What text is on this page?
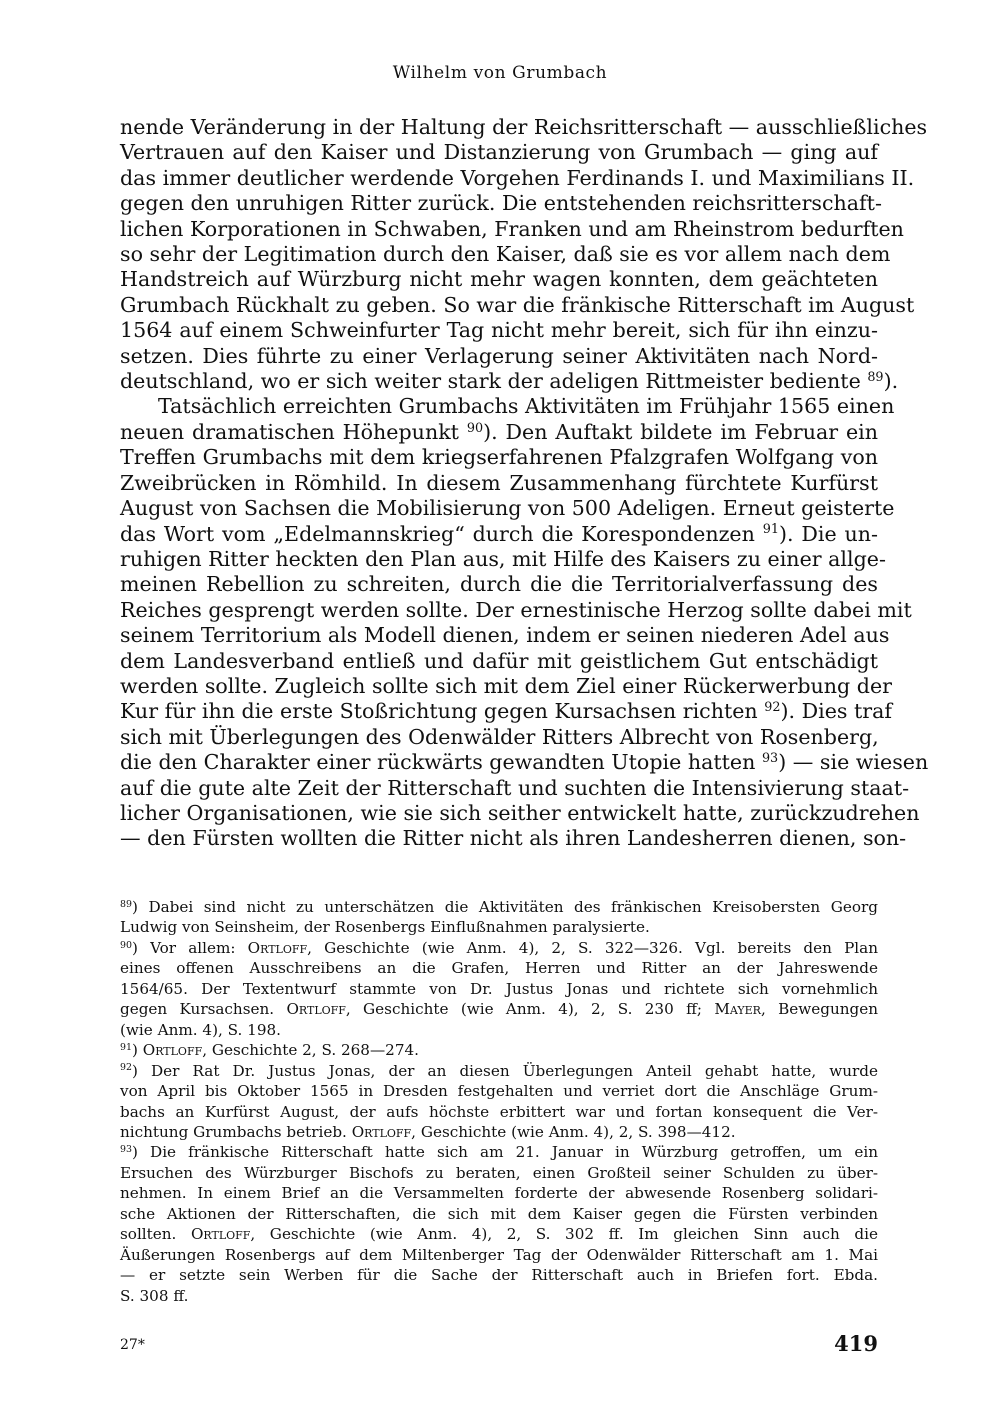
Wilhelm von Grumbach
nende Veränderung in der Haltung der Reichsritterschaft — ausschließliches
Vertrauen auf den Kaiser und Distanzierung von Grumbach — ging auf
das immer deutlicher werdende Vorgehen Ferdinands I. und Maximilians II.
gegen den unruhigen Ritter zurück. Die entstehenden reichsritterschaft-
lichen Korporationen in Schwaben, Franken und am Rheinstrom bedurften
so sehr der Legitimation durch den Kaiser, daß sie es vor allem nach dem
Handstreich auf Würzburg nicht mehr wagen konnten, dem geächteten
Grumbach Rückhalt zu geben. So war die fränkische Ritterschaft im August
1564 auf einem Schweinfurter Tag nicht mehr bereit, sich für ihn einzu-
setzen. Dies führte zu einer Verlagerung seiner Aktivitäten nach Nord-
deutschland, wo er sich weiter stark der adeligen Rittmeister bediente $^{89}$).
Tatsächlich erreichten Grumbachs Aktivitäten im Frühjahr 1565 einen
neuen dramatischen Höhepunkt $^{90}$). Den Auftakt bildete im Februar ein
Treffen Grumbachs mit dem kriegserfahrenen Pfalzgrafen Wolfgang von
Zweibrücken in Römhild. In diesem Zusammenhang fürchtete Kurfürst
August von Sachsen die Mobilisierung von 500 Adeligen. Erneut geisterte
das Wort vom „Edelmannskrieg“ durch die Korespondenzen $^{91}$). Die un-
ruhigen Ritter heckten den Plan aus, mit Hilfe des Kaisers zu einer allge-
meinen Rebellion zu schreiten, durch die die Territorialverfassung des
Reiches gesprengt werden sollte. Der ernestinische Herzog sollte dabei mit
seinem Territorium als Modell dienen, indem er seinen niederen Adel aus
dem Landesverband entließ und dafür mit geistlichem Gut entschädigt
werden sollte. Zugleich sollte sich mit dem Ziel einer Rückerwerbung der
Kur für ihn die erste Stoßrichtung gegen Kursachsen richten $^{92}$). Dies traf
sich mit Überlegungen des Odenwälder Ritters Albrecht von Rosenberg,
die den Charakter einer rückwärts gewandten Utopie hatten $^{93}$) — sie wiesen
auf die gute alte Zeit der Ritterschaft und suchten die Intensivierung staat-
licher Organisationen, wie sie sich seither entwickelt hatte, zurückzudrehen
— den Fürsten wollten die Ritter nicht als ihren Landesherren dienen, son-
$^{89}$) Dabei sind nicht zu unterschätzen die Aktivitäten des fränkischen Kreisobersten Georg
Ludwig von Seinsheim, der Rosenbergs Einflußnahmen paralysierte.
$^{90}$) Vor allem: Ortloff, Geschichte (wie Anm. 4), 2, S. 322—326. Vgl. bereits den Plan
eines offenen Ausschreibens an die Grafen, Herren und Ritter an der Jahreswende
1564/65. Der Textentwurf stammte von Dr. Justus Jonas und richtete sich vornehmlich
gegen Kursachsen. Ortloff, Geschichte (wie Anm. 4), 2, S. 230 ff; Mayer, Bewegungen
(wie Anm. 4), S. 198.
$^{91}$) Ortloff, Geschichte 2, S. 268—274.
$^{92}$) Der Rat Dr. Justus Jonas, der an diesen Überlegungen Anteil gehabt hatte, wurde
von April bis Oktober 1565 in Dresden festgehalten und verriet dort die Anschläge Grum-
bachs an Kurfürst August, der aufs höchste erbittert war und fortan konsequent die Ver-
nichtung Grumbachs betrieb. Ortloff, Geschichte (wie Anm. 4), 2, S. 398—412.
$^{93}$) Die fränkische Ritterschaft hatte sich am 21. Januar in Würzburg getroffen, um ein
Ersuchen des Würzburger Bischofs zu beraten, einen Großteil seiner Schulden zu über-
nehmen. In einem Brief an die Versammelten forderte der abwesende Rosenberg solidari-
sche Aktionen der Ritterschaften, die sich mit dem Kaiser gegen die Fürsten verbinden
sollten. Ortloff, Geschichte (wie Anm. 4), 2, S. 302 ff. Im gleichen Sinn auch die
Äußerungen Rosenbergs auf dem Miltenberger Tag der Odenwälder Ritterschaft am 1. Mai
— er setzte sein Werben für die Sache der Ritterschaft auch in Briefen fort. Ebda.
S. 308 ff.
27*	419
